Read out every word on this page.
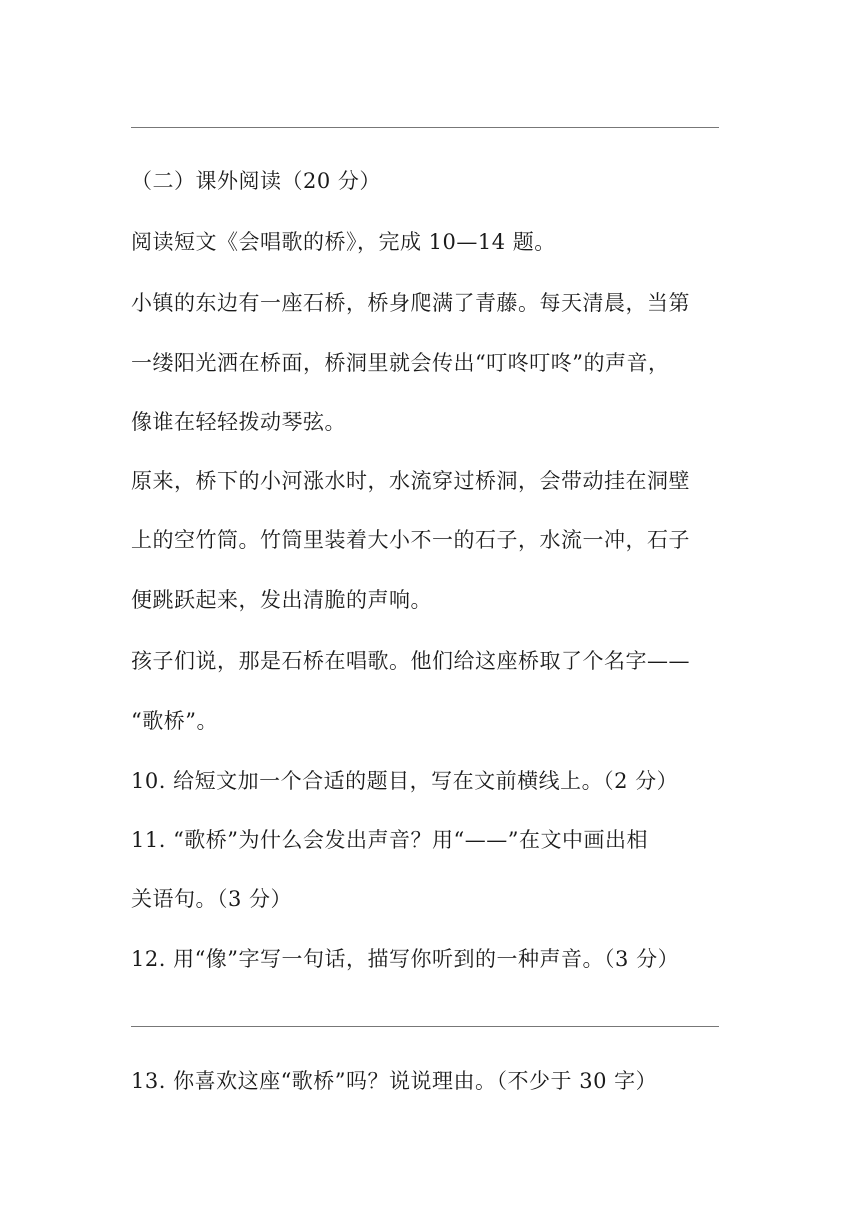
（二）课外阅读（20 分）
阅读短文《会唱歌的桥》，完成 10—14 题。
小镇的东边有一座石桥，桥身爬满了青藤。每天清晨，当第
一缕阳光洒在桥面，桥洞里就会传出“叮咚叮咚”的声音，
像谁在轻轻拨动琴弦。
原来，桥下的小河涨水时，水流穿过桥洞，会带动挂在洞壁
上的空竹筒。竹筒里装着大小不一的石子，水流一冲，石子
便跳跃起来，发出清脆的声响。
孩子们说，那是石桥在唱歌。他们给这座桥取了个名字——
“歌桥”。
10. 给短文加一个合适的题目，写在文前横线上。（2 分）
11. “歌桥”为什么会发出声音？用“——”在文中画出相
关语句。（3 分）
12. 用“像”字写一句话，描写你听到的一种声音。（3 分）
13. 你喜欢这座“歌桥”吗？说说理由。（不少于 30 字）
